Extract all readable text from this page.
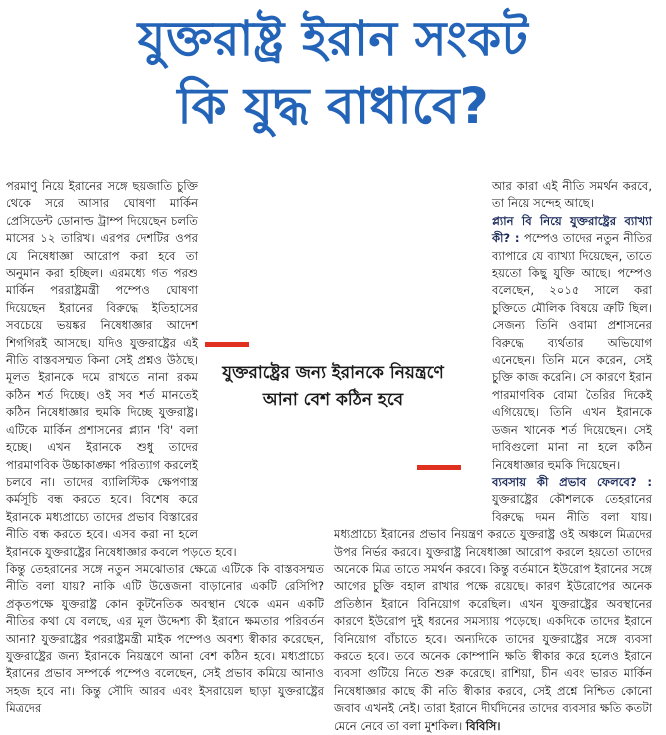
যুক্তরাষ্ট্র ইরান সংকট
কি যুদ্ধ বাধাবে?

পরমাণু নিয়ে ইরানের সঙ্গে ছয়জাতি চুক্তি থেকে সরে আসার ঘোষণা মার্কিন প্রেসিডেন্ট ডোনাল্ড ট্রাম্প দিয়েছেন চলতি মাসের ১২ তারিখ। এরপর দেশটির ওপর যে নিষেধাজ্ঞা আরোপ করা হবে তা অনুমান করা হচ্ছিল। এরমধ্যে গত পরশু মার্কিন পররাষ্ট্রমন্ত্রী পম্পেও ঘোষণা দিয়েছেন ইরানের বিরুদ্ধে ইতিহাসের সবচেয়ে ভয়ঙ্কর নিষেধাজ্ঞার আদেশ শিগগিরই আসছে। যদিও যুক্তরাষ্ট্রের এই নীতি বাস্তবসম্মত কিনা সেই প্রশ্নও উঠছে। মূলত ইরানকে দমে রাখতে নানা রকম কঠিন শর্ত দিচ্ছে। ওই সব শর্ত মানতেই কঠিন নিষেধাজ্ঞার হুমকি দিচ্ছে যুক্তরাষ্ট্র। এটিকে মার্কিন প্রশাসনের প্ল্যান 'বি' বলা হচ্ছে। এখন ইরানকে শুধু তাদের পারমাণবিক উচ্চাকাঙ্ক্ষা পরিত্যাগ করলেই চলবে না। তাদের ব্যালিস্টিক ক্ষেপণাস্ত্র কর্মসূচি বন্ধ করতে হবে। বিশেষ করে ইরানকে মধ্যপ্রাচ্যে তাদের প্রভাব বিস্তারের নীতি বন্ধ করতে হবে। এসব করা না হলে ইরানকে যুক্তরাষ্ট্রের নিষেধাজ্ঞার কবলে পড়তে হবে।

কিন্তু তেহরানের সঙ্গে নতুন সমঝোতার ক্ষেত্রে এটিকে কি বাস্তবসম্মত নীতি বলা যায়? নাকি এটি উত্তেজনা বাড়ানোর একটি রেসিপি? প্রকৃতপক্ষে যুক্তরাষ্ট্র কোন কূটনৈতিক অবস্থান থেকে এমন একটি নীতির কথা যে বলছে, এর মূল উদ্দেশ্য কী ইরানে ক্ষমতার পরিবর্তন আনা? যুক্তরাষ্ট্রের পররাষ্ট্রমন্ত্রী মাইক পম্পেও অবশ্য স্বীকার করেছেন, যুক্তরাষ্ট্রের জন্য ইরানকে নিয়ন্ত্রণে আনা বেশ কঠিন হবে। মধ্যপ্রাচ্যে ইরানের প্রভাব সম্পর্কে পম্পেও বলেছেন, সেই প্রভাব কমিয়ে আনাও সহজ হবে না। কিন্তু সৌদি আরব এবং ইসরায়েল ছাড়া যুক্তরাষ্ট্রের মিত্রদের

আর কারা এই নীতি সমর্থন করবে, তা নিয়ে সন্দেহ আছে।

প্ল্যান বি নিয়ে যুক্তরাষ্ট্রের ব্যাখ্যা কী? : পম্পেও তাদের নতুন নীতির ব্যাপারে যে ব্যাখ্যা দিয়েছেন, তাতে হয়তো কিছু যুক্তি আছে। পম্পেও বলেছেন, ২০১৫ সালে করা চুক্তিতে মৌলিক বিষয়ে ত্রুটি ছিল। সেজন্য তিনি ওবামা প্রশাসনের বিরুদ্ধে ব্যর্থতার অভিযোগ এনেছেন। তিনি মনে করেন, সেই চুক্তি কাজ করেনি। সে কারণে ইরান পারমাণবিক বোমা তৈরির দিকেই এগিয়েছে। তিনি এখন ইরানকে ডজন খানেক শর্ত দিয়েছেন। সেই দাবিগুলো মানা না হলে কঠিন নিষেধাজ্ঞার হুমকি দিয়েছেন।

ব্যবসায় কী প্রভাব ফেলবে? : যুক্তরাষ্ট্রের কৌশলকে তেহরানের বিরুদ্ধে দমন নীতি বলা যায়। মধ্যপ্রাচ্যে ইরানের প্রভাব নিয়ন্ত্রণ করতে যুক্তরাষ্ট্র ওই অঞ্চলে মিত্রদের উপর নির্ভর করবে। যুক্তরাষ্ট্র নিষেধাজ্ঞা আরোপ করলে হয়তো তাদের অনেকে মিত্র তাতে সমর্থন করবে। কিন্তু বর্তমানে ইউরোপ ইরানের সঙ্গে আগের চুক্তি বহাল রাখার পক্ষে রয়েছে। কারণ ইউরোপের অনেক প্রতিষ্ঠান ইরানে বিনিয়োগ করেছিল। এখন যুক্তরাষ্ট্রের অবস্থানের কারণে ইউরোপ দুই ধরনের সমস্যায় পড়েছে। একদিকে তাদের ইরানে বিনিয়োগ বাঁচাতে হবে। অন্যদিকে তাদের যুক্তরাষ্ট্রের সঙ্গে ব্যবসা করতে হবে। তবে অনেক কোম্পানি ক্ষতি স্বীকার করে হলেও ইরানে ব্যবসা গুটিয়ে নিতে শুরু করেছে। রাশিয়া, চীন এবং ভারত মার্কিন নিষেধাজ্ঞার কাছে কী নতি স্বীকার করবে, সেই প্রশ্নে নিশ্চিত কোনো জবাব এখনই নেই। তারা ইরানে দীর্ঘদিনের তাদের ব্যবসার ক্ষতি কতটা মেনে নেবে তা বলা মুশকিল। বিবিসি।

যুক্তরাষ্ট্রের জন্য ইরানকে নিয়ন্ত্রণে আনা বেশ কঠিন হবে
